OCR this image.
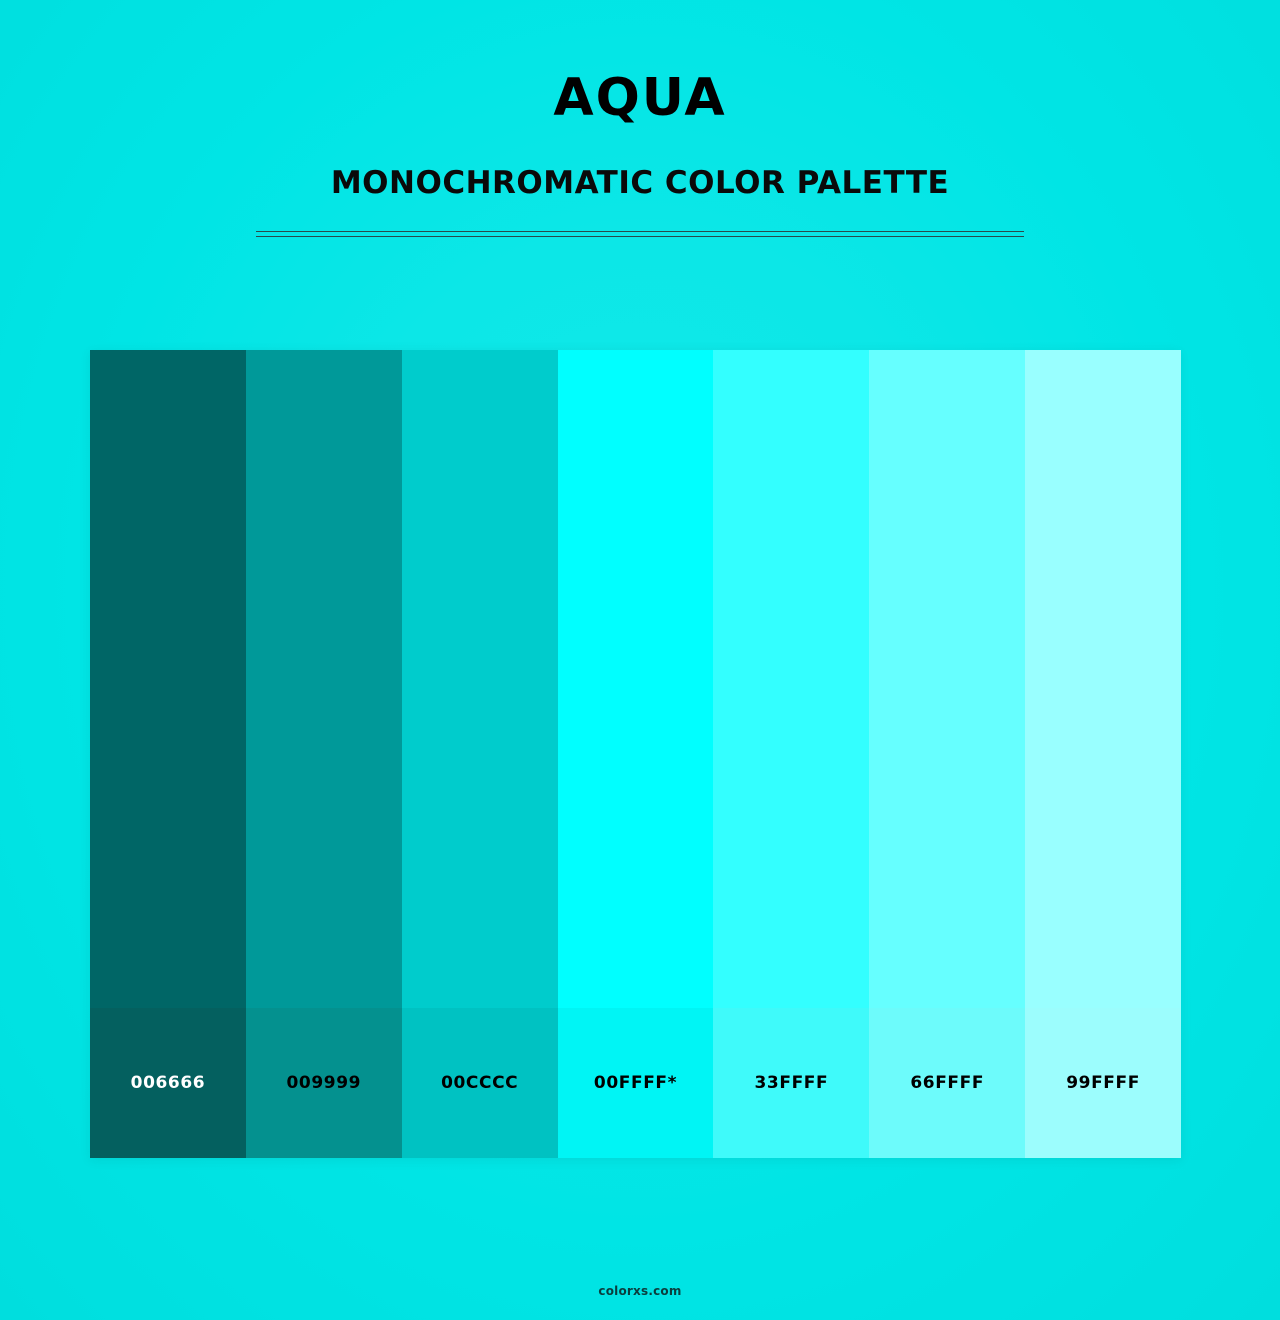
AQUA
MONOCHROMATIC COLOR PALETTE
006666	009999	00CCCC	00FFFF*	33FFFF	66FFFF	99FFFF
colorxs.com
